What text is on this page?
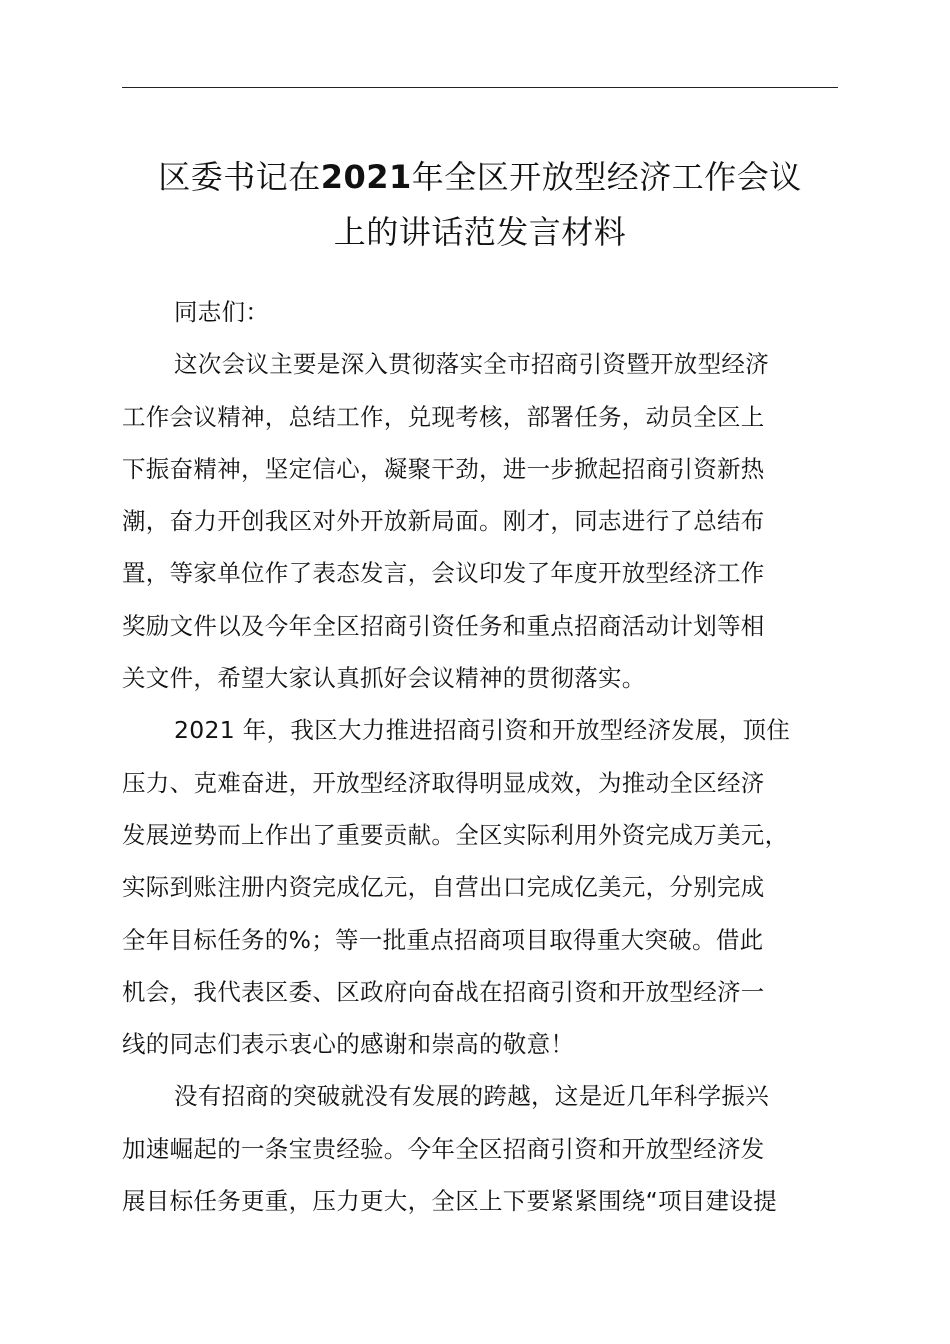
区委书记在2021年全区开放型经济工作会议
上的讲话范发言材料

同志们：

这次会议主要是深入贯彻落实全市招商引资暨开放型经济
工作会议精神，总结工作，兑现考核，部署任务，动员全区上
下振奋精神，坚定信心，凝聚干劲，进一步掀起招商引资新热
潮，奋力开创我区对外开放新局面。刚才，同志进行了总结布
置，等家单位作了表态发言，会议印发了年度开放型经济工作
奖励文件以及今年全区招商引资任务和重点招商活动计划等相
关文件，希望大家认真抓好会议精神的贯彻落实。

2021 年，我区大力推进招商引资和开放型经济发展，顶住
压力、克难奋进，开放型经济取得明显成效，为推动全区经济
发展逆势而上作出了重要贡献。全区实际利用外资完成万美元，
实际到账注册内资完成亿元，自营出口完成亿美元，分别完成
全年目标任务的%；等一批重点招商项目取得重大突破。借此
机会，我代表区委、区政府向奋战在招商引资和开放型经济一
线的同志们表示衷心的感谢和崇高的敬意！

没有招商的突破就没有发展的跨越，这是近几年科学振兴
加速崛起的一条宝贵经验。今年全区招商引资和开放型经济发
展目标任务更重，压力更大，全区上下要紧紧围绕“项目建设提
